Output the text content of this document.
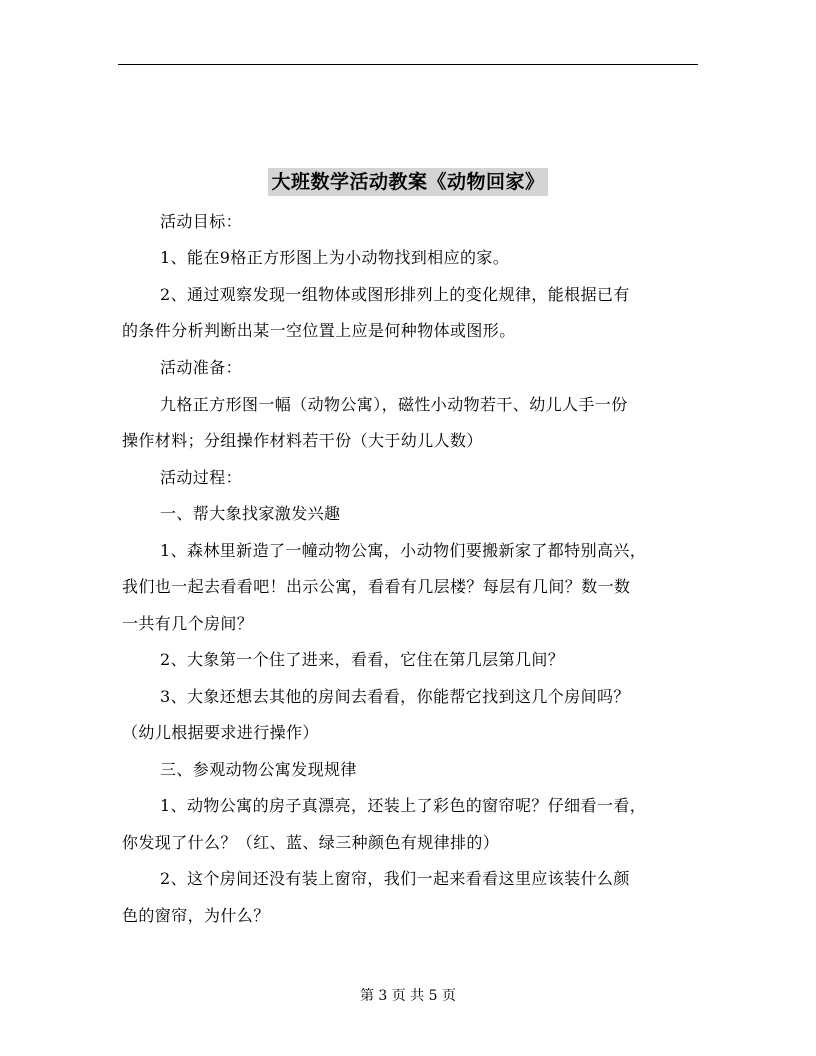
大班数学活动教案《动物回家》
活动目标：
1、能在9格正方形图上为小动物找到相应的家。
2、通过观察发现一组物体或图形排列上的变化规律，能根据已有
的条件分析判断出某一空位置上应是何种物体或图形。
活动准备：
九格正方形图一幅（动物公寓），磁性小动物若干、幼儿人手一份
操作材料；分组操作材料若干份（大于幼儿人数）
活动过程：
一、帮大象找家激发兴趣
1、森林里新造了一幢动物公寓，小动物们要搬新家了都特别高兴，
我们也一起去看看吧！出示公寓，看看有几层楼？每层有几间？数一数
一共有几个房间？
2、大象第一个住了进来，看看，它住在第几层第几间？
3、大象还想去其他的房间去看看，你能帮它找到这几个房间吗？
（幼儿根据要求进行操作）
三、参观动物公寓发现规律
1、动物公寓的房子真漂亮，还装上了彩色的窗帘呢？仔细看一看，
你发现了什么？（红、蓝、绿三种颜色有规律排的）
2、这个房间还没有装上窗帘，我们一起来看看这里应该装什么颜
色的窗帘，为什么？
第 3 页 共 5 页
